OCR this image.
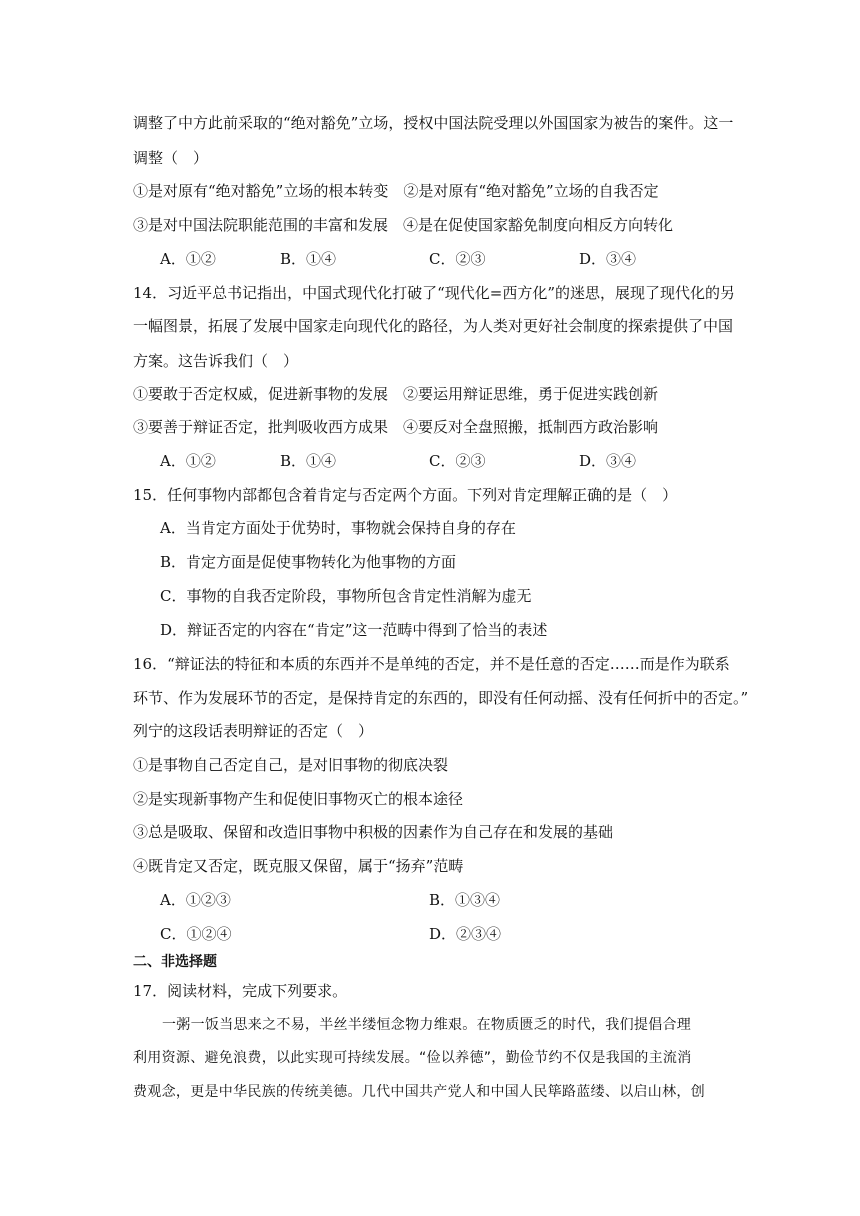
调整了中方此前采取的“绝对豁免”立场，授权中国法院受理以外国国家为被告的案件。这一
调整（　）
①是对原有“绝对豁免”立场的根本转变　②是对原有“绝对豁免”立场的自我否定
③是对中国法院职能范围的丰富和发展　④是在促使国家豁免制度向相反方向转化
A．①②	B．①④	C．②③	D．③④
14．习近平总书记指出，中国式现代化打破了“现代化=西方化”的迷思，展现了现代化的另
一幅图景，拓展了发展中国家走向现代化的路径，为人类对更好社会制度的探索提供了中国
方案。这告诉我们（　）
①要敢于否定权威，促进新事物的发展　②要运用辩证思维，勇于促进实践创新
③要善于辩证否定，批判吸收西方成果　④要反对全盘照搬，抵制西方政治影响
A．①②	B．①④	C．②③	D．③④
15．任何事物内部都包含着肯定与否定两个方面。下列对肯定理解正确的是（　）
A．当肯定方面处于优势时，事物就会保持自身的存在
B．肯定方面是促使事物转化为他事物的方面
C．事物的自我否定阶段，事物所包含肯定性消解为虚无
D．辩证否定的内容在“肯定”这一范畴中得到了恰当的表述
16．“辩证法的特征和本质的东西并不是单纯的否定，并不是任意的否定……而是作为联系
环节、作为发展环节的否定，是保持肯定的东西的，即没有任何动摇、没有任何折中的否定。”
列宁的这段话表明辩证的否定（　）
①是事物自己否定自己，是对旧事物的彻底决裂
②是实现新事物产生和促使旧事物灭亡的根本途径
③总是吸取、保留和改造旧事物中积极的因素作为自己存在和发展的基础
④既肯定又否定，既克服又保留，属于“扬弃”范畴
A．①②③	B．①③④
C．①②④	D．②③④
二、非选择题
17．阅读材料，完成下列要求。
一粥一饭当思来之不易，半丝半缕恒念物力维艰。在物质匮乏的时代，我们提倡合理
利用资源、避免浪费，以此实现可持续发展。“俭以养德”，勤俭节约不仅是我国的主流消
费观念，更是中华民族的传统美德。几代中国共产党人和中国人民筚路蓝缕、以启山林，创
